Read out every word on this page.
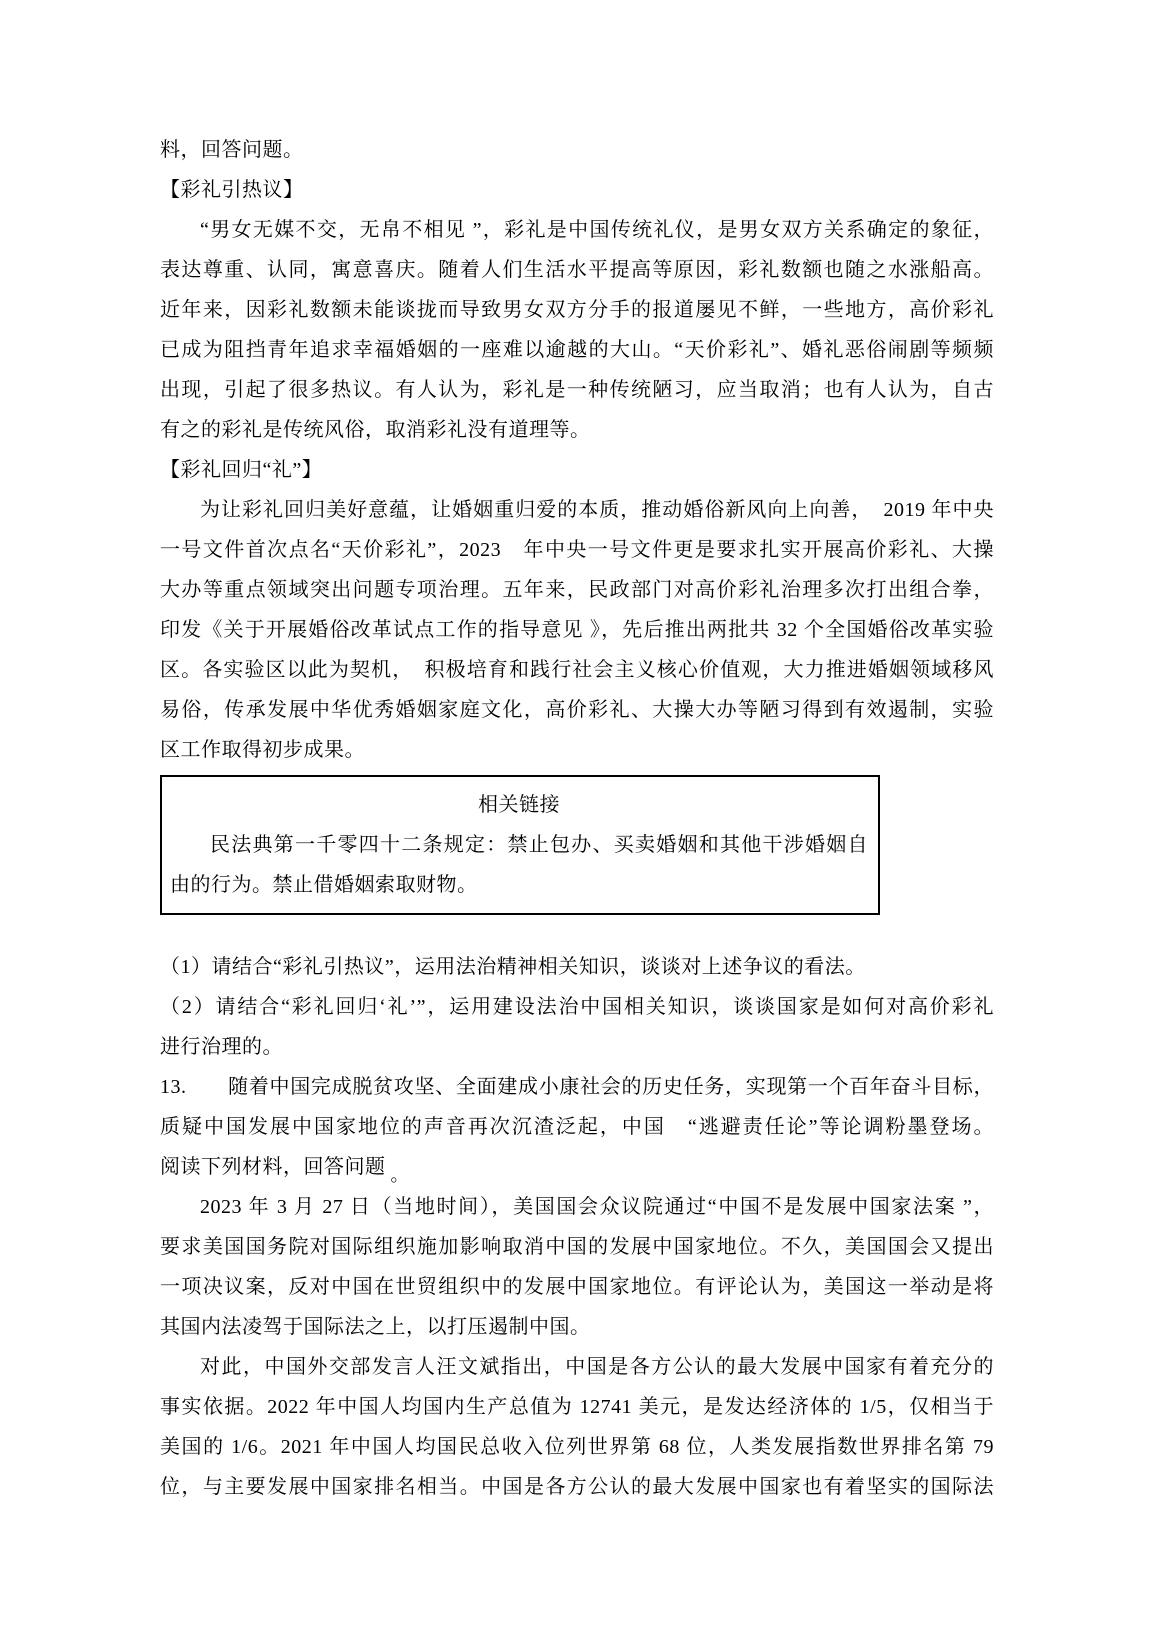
料，回答问题。
【彩礼引热议】
“男女无媒不交，无帛不相见 ”，彩礼是中国传统礼仪，是男女双方关系确定的象征，
表达尊重、认同，寓意喜庆。随着人们生活水平提高等原因，彩礼数额也随之水涨船高。
近年来，因彩礼数额未能谈拢而导致男女双方分手的报道屡见不鲜，一些地方，高价彩礼
已成为阻挡青年追求幸福婚姻的一座难以逾越的大山。“天价彩礼”、婚礼恶俗闹剧等频频
出现，引起了很多热议。有人认为，彩礼是一种传统陋习，应当取消；也有人认为，自古
有之的彩礼是传统风俗，取消彩礼没有道理等。
【彩礼回归“礼”】
为让彩礼回归美好意蕴，让婚姻重归爱的本质，推动婚俗新风向上向善，　2019 年中央
一号文件首次点名“天价彩礼”，2023　年中央一号文件更是要求扎实开展高价彩礼、大操
大办等重点领域突出问题专项治理。五年来，民政部门对高价彩礼治理多次打出组合拳，
印发《关于开展婚俗改革试点工作的指导意见 》，先后推出两批共 32 个全国婚俗改革实验
区。各实验区以此为契机，　积极培育和践行社会主义核心价值观，大力推进婚姻领域移风
易俗，传承发展中华优秀婚姻家庭文化，高价彩礼、大操大办等陋习得到有效遏制，实验
区工作取得初步成果。
相关链接
民法典第一千零四十二条规定：禁止包办、买卖婚姻和其他干涉婚姻自
由的行为。禁止借婚姻索取财物。
（1）请结合“彩礼引热议”，运用法治精神相关知识，谈谈对上述争议的看法。
（2）请结合“彩礼回归‘礼’”，运用建设法治中国相关知识，谈谈国家是如何对高价彩礼
进行治理的。
13.　　随着中国完成脱贫攻坚、全面建成小康社会的历史任务，实现第一个百年奋斗目标，
质疑中国发展中国家地位的声音再次沉渣泛起，中国　“逃避责任论”等论调粉墨登场。
阅读下列材料，回答问题 。
2023 年 3 月 27 日（当地时间），美国国会众议院通过“中国不是发展中国家法案 ”，
要求美国国务院对国际组织施加影响取消中国的发展中国家地位。不久，美国国会又提出
一项决议案，反对中国在世贸组织中的发展中国家地位。有评论认为，美国这一举动是将
其国内法凌驾于国际法之上，以打压遏制中国。
对此，中国外交部发言人汪文斌指出，中国是各方公认的最大发展中国家有着充分的
事实依据。2022 年中国人均国内生产总值为 12741 美元，是发达经济体的 1/5，仅相当于
美国的 1/6。2021 年中国人均国民总收入位列世界第 68 位，人类发展指数世界排名第 79
位，与主要发展中国家排名相当。中国是各方公认的最大发展中国家也有着坚实的国际法
